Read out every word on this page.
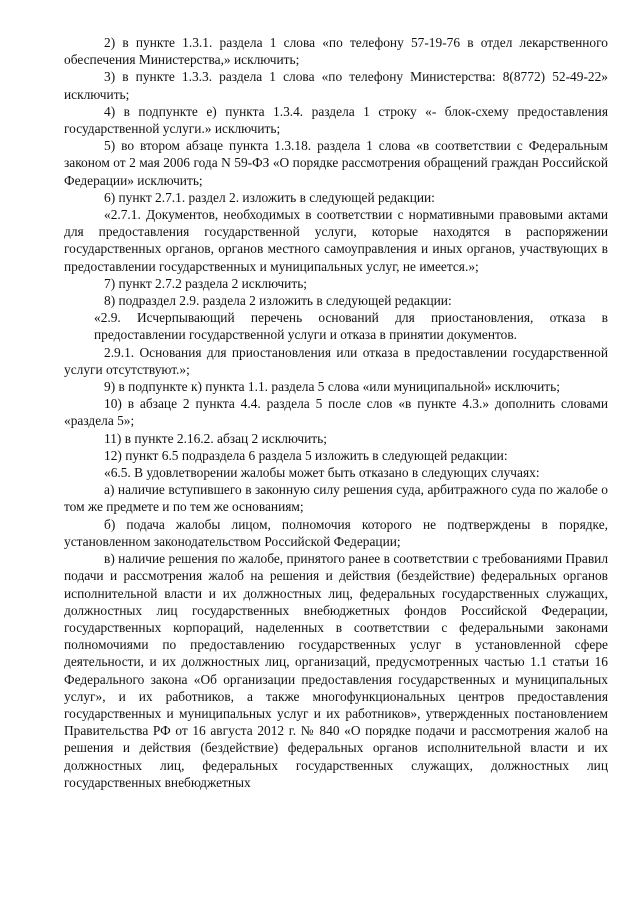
2) в пункте 1.3.1. раздела 1 слова «по телефону 57-19-76 в отдел лекарственного обеспечения Министерства,» исключить;

3) в пункте 1.3.3. раздела 1 слова «по телефону Министерства: 8(8772) 52-49-22» исключить;

4) в подпункте е) пункта 1.3.4. раздела 1 строку «- блок-схему предоставления государственной услуги.» исключить;

5) во втором абзаце пункта 1.3.18. раздела 1 слова «в соответствии с Федеральным законом от 2 мая 2006 года N 59-ФЗ «О порядке рассмотрения обращений граждан Российской Федерации» исключить;

6) пункт 2.7.1. раздел 2. изложить в следующей редакции:

«2.7.1. Документов, необходимых в соответствии с нормативными правовыми актами для предоставления государственной услуги, которые находятся в распоряжении государственных органов, органов местного самоуправления и иных органов, участвующих в предоставлении государственных и муниципальных услуг, не имеется.»;

7) пункт 2.7.2 раздела 2 исключить;

8) подраздел 2.9. раздела 2 изложить в следующей редакции:

«2.9. Исчерпывающий перечень оснований для приостановления, отказа в предоставлении государственной услуги и отказа в принятии документов.

2.9.1. Основания для приостановления или отказа в предоставлении государственной услуги отсутствуют.»;

9) в подпункте к) пункта 1.1. раздела 5 слова «или муниципальной» исключить;

10) в абзаце 2 пункта 4.4. раздела 5 после слов «в пункте 4.3.» дополнить словами «раздела 5»;

11) в пункте 2.16.2. абзац 2 исключить;

12) пункт 6.5 подраздела 6 раздела 5 изложить в следующей редакции:

«6.5. В удовлетворении жалобы может быть отказано в следующих случаях:

а) наличие вступившего в законную силу решения суда, арбитражного суда по жалобе о том же предмете и по тем же основаниям;

б) подача жалобы лицом, полномочия которого не подтверждены в порядке, установленном законодательством Российской Федерации;

в) наличие решения по жалобе, принятого ранее в соответствии с требованиями Правил подачи и рассмотрения жалоб на решения и действия (бездействие) федеральных органов исполнительной власти и их должностных лиц, федеральных государственных служащих, должностных лиц государственных внебюджетных фондов Российской Федерации, государственных корпораций, наделенных в соответствии с федеральными законами полномочиями по предоставлению государственных услуг в установленной сфере деятельности, и их должностных лиц, организаций, предусмотренных частью 1.1 статьи 16 Федерального закона «Об организации предоставления государственных и муниципальных услуг», и их работников, а также многофункциональных центров предоставления государственных и муниципальных услуг и их работников», утвержденных постановлением Правительства РФ от 16 августа 2012 г. № 840 «О порядке подачи и рассмотрения жалоб на решения и действия (бездействие) федеральных органов исполнительной власти и их должностных лиц, федеральных государственных служащих, должностных лиц государственных внебюджетных
